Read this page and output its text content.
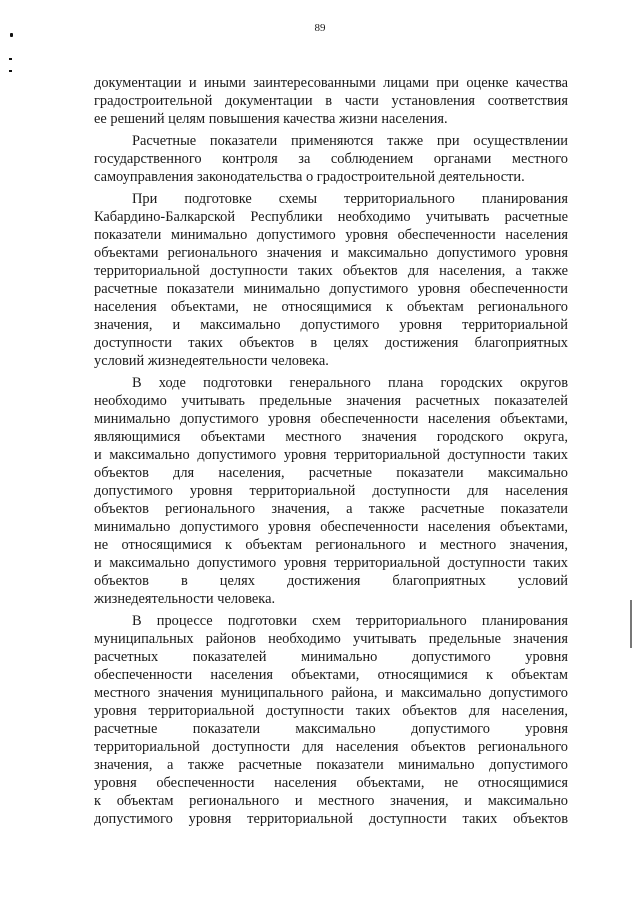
89
документации и иными заинтересованными лицами при оценке качества
градостроительной документации в части установления соответствия
ее решений целям повышения качества жизни населения.
Расчетные показатели применяются также при осуществлении
государственного контроля за соблюдением органами местного
самоуправления законодательства о градостроительной деятельности.
При подготовке схемы территориального планирования
Кабардино-Балкарской Республики необходимо учитывать расчетные
показатели минимально допустимого уровня обеспеченности населения
объектами регионального значения и максимально допустимого уровня
территориальной доступности таких объектов для населения, а также
расчетные показатели минимально допустимого уровня обеспеченности
населения объектами, не относящимися к объектам регионального
значения, и максимально допустимого уровня территориальной
доступности таких объектов в целях достижения благоприятных
условий жизнедеятельности человека.
В ходе подготовки генерального плана городских округов
необходимо учитывать предельные значения расчетных показателей
минимально допустимого уровня обеспеченности населения объектами,
являющимися объектами местного значения городского округа,
и максимально допустимого уровня территориальной доступности таких
объектов для населения, расчетные показатели максимально
допустимого уровня территориальной доступности для населения
объектов регионального значения, а также расчетные показатели
минимально допустимого уровня обеспеченности населения объектами,
не относящимися к объектам регионального и местного значения,
и максимально допустимого уровня территориальной доступности таких
объектов в целях достижения благоприятных условий
жизнедеятельности человека.
В процессе подготовки схем территориального планирования
муниципальных районов необходимо учитывать предельные значения
расчетных показателей минимально допустимого уровня
обеспеченности населения объектами, относящимися к объектам
местного значения муниципального района, и максимально допустимого
уровня территориальной доступности таких объектов для населения,
расчетные показатели максимально допустимого уровня
территориальной доступности для населения объектов регионального
значения, а также расчетные показатели минимально допустимого
уровня обеспеченности населения объектами, не относящимися
к объектам регионального и местного значения, и максимально
допустимого уровня территориальной доступности таких объектов
